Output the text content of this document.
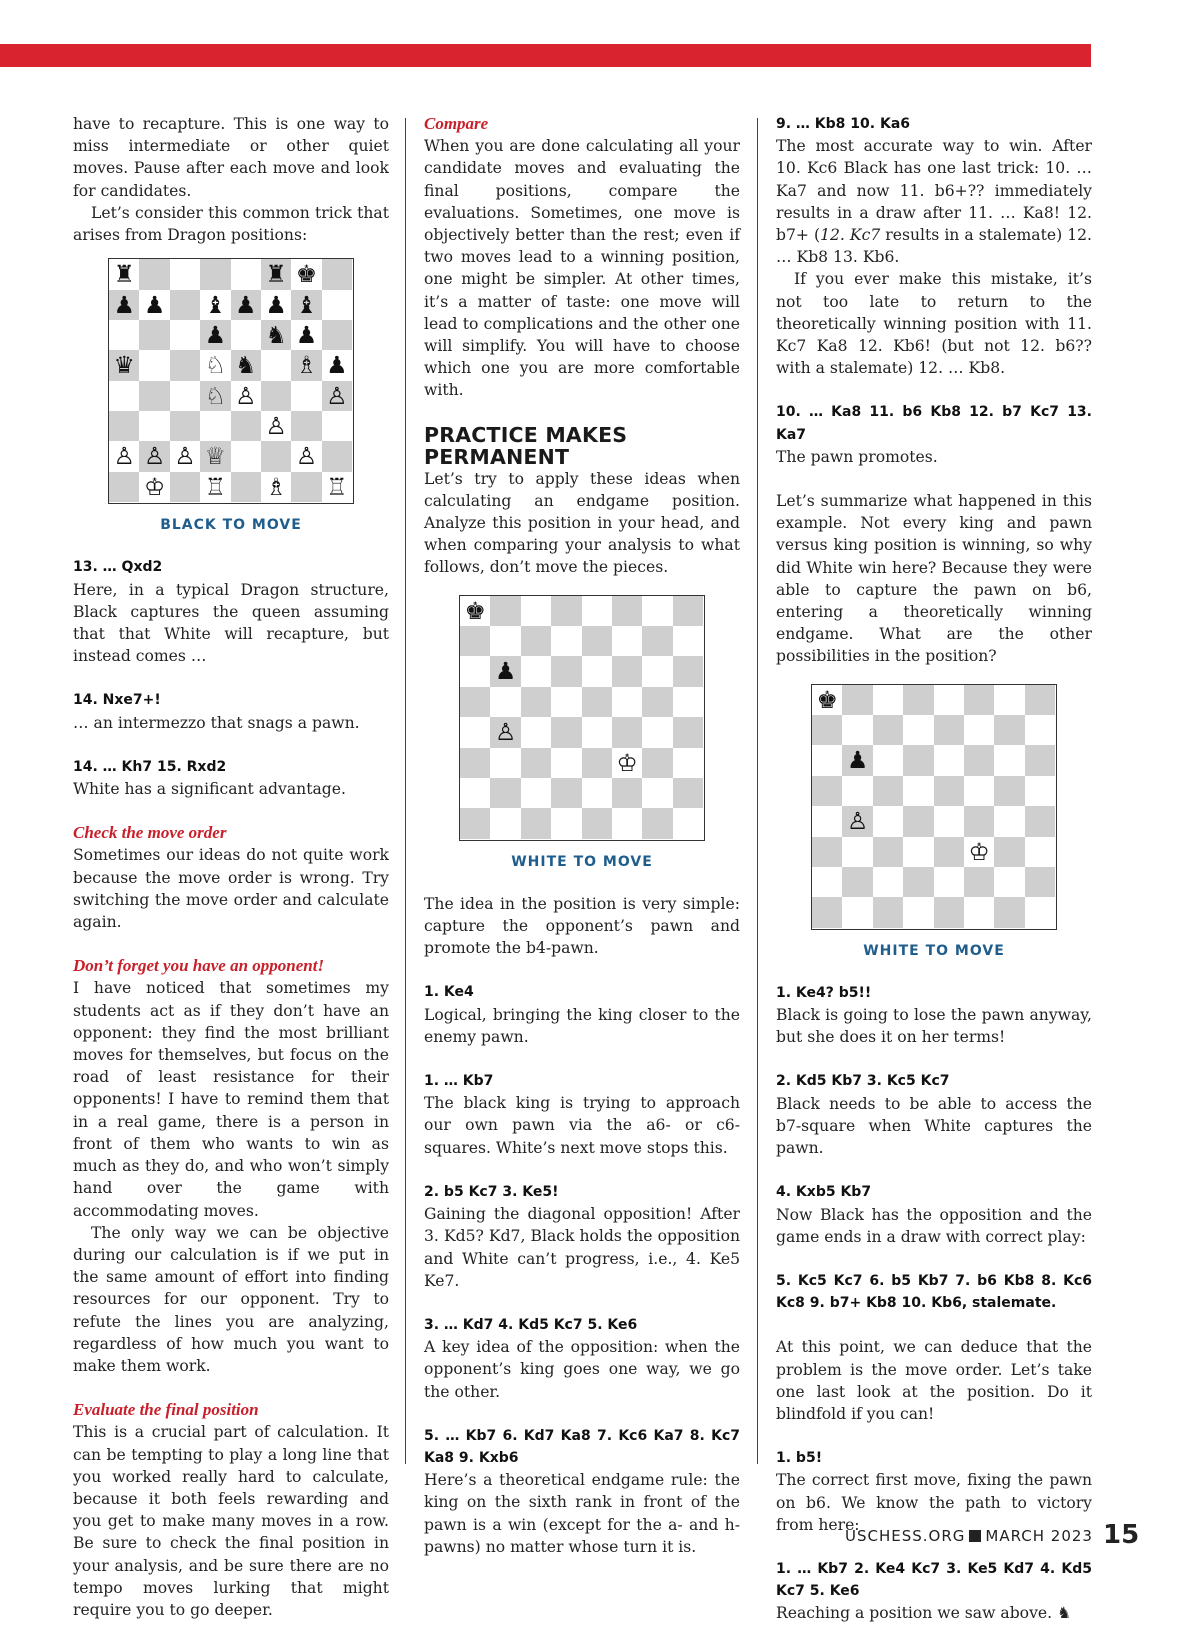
have to recapture. This is one way to miss intermediate or other quiet moves. Pause after each move and look for candidates.

Let’s consider this common trick that arises from Dragon positions:

♜	♜ ♚
♟ ♟ ♝ ♟ ♟ ♝
♟ ♞ ♟
♛	♘ ♞ ♗ ♟
♘ ♙	♙
♙
♙ ♙ ♙ ♕	♙
♔ ♖ ♗ ♖
BLACK TO MOVE

13. … Qxd2

Here, in a typical Dragon structure, Black captures the queen assuming that that White will recapture, but instead comes …

14. Nxe7+!

… an intermezzo that snags a pawn.

14. … Kh7 15. Rxd2

White has a significant advantage.

Check the move order

Sometimes our ideas do not quite work because the move order is wrong. Try switching the move order and calculate again.

Don’t forget you have an opponent!

I have noticed that sometimes my students act as if they don’t have an opponent: they find the most brilliant moves for themselves, but focus on the road of least resistance for their opponents! I have to remind them that in a real game, there is a person in front of them who wants to win as much as they do, and who won’t simply hand over the game with accommodating moves.

The only way we can be objective during our calculation is if we put in the same amount of effort into finding resources for our opponent. Try to refute the lines you are analyzing, regardless of how much you want to make them work.

Evaluate the final position

This is a crucial part of calculation. It can be tempting to play a long line that you worked really hard to calculate, because it both feels rewarding and you get to make many moves in a row. Be sure to check the final position in your analysis, and be sure there are no tempo moves lurking that might require you to go deeper.

Compare

When you are done calculating all your candidate moves and evaluating the final positions, compare the evaluations. Sometimes, one move is objectively better than the rest; even if two moves lead to a winning position, one might be simpler. At other times, it’s a matter of taste: one move will lead to complications and the other one will simplify. You will have to choose which one you are more comfortable with.

PRACTICE MAKES
PERMANENT

Let’s try to apply these ideas when calculating an endgame position. Analyze this position in your head, and when comparing your analysis to what follows, don’t move the pieces.

♚
♟
♙
♔
WHITE TO MOVE

The idea in the position is very simple: capture the opponent’s pawn and promote the b4-pawn.

1. Ke4

Logical, bringing the king closer to the enemy pawn.

1. … Kb7

The black king is trying to approach our own pawn via the a6- or c6-squares. White’s next move stops this.

2. b5 Kc7 3. Ke5!

Gaining the diagonal opposition! After 3. Kd5? Kd7, Black holds the opposition and White can’t progress, i.e., 4. Ke5 Ke7.

3. … Kd7 4. Kd5 Kc7 5. Ke6

A key idea of the opposition: when the opponent’s king goes one way, we go the other.

5. … Kb7 6. Kd7 Ka8 7. Kc6 Ka7 8. Kc7 Ka8 9. Kxb6

Here’s a theoretical endgame rule: the king on the sixth rank in front of the pawn is a win (except for the a- and h- pawns) no matter whose turn it is.

9. … Kb8 10. Ka6

The most accurate way to win. After 10. Kc6 Black has one last trick: 10. … Ka7 and now 11. b6+?? immediately results in a draw after 11. … Ka8! 12. b7+ (12. Kc7 results in a stalemate) 12. … Kb8 13. Kb6.

If you ever make this mistake, it’s not too late to return to the theoretically winning position with 11. Kc7 Ka8 12. Kb6! (but not 12. b6?? with a stalemate) 12. … Kb8.

10. … Ka8 11. b6 Kb8 12. b7 Kc7 13. Ka7

The pawn promotes.

Let’s summarize what happened in this example. Not every king and pawn versus king position is winning, so why did White win here? Because they were able to capture the pawn on b6, entering a theoretically winning endgame. What are the other possibilities in the position?

♚
♟
♙
♔
WHITE TO MOVE

1. Ke4? b5!!

Black is going to lose the pawn anyway, but she does it on her terms!

2. Kd5 Kb7 3. Kc5 Kc7

Black needs to be able to access the b7-square when White captures the pawn.

4. Kxb5 Kb7

Now Black has the opposition and the game ends in a draw with correct play:

5. Kc5 Kc7 6. b5 Kb7 7. b6 Kb8 8. Kc6 Kc8 9. b7+ Kb8 10. Kb6, stalemate.

At this point, we can deduce that the problem is the move order. Let’s take one last look at the position. Do it blindfold if you can!

1. b5!

The correct first move, fixing the pawn on b6. We know the path to victory from here:

1. … Kb7 2. Ke4 Kc7 3. Ke5 Kd7 4. Kd5 Kc7 5. Ke6

Reaching a position we saw above. ♞

USCHESS.ORG MARCH 2023 15
